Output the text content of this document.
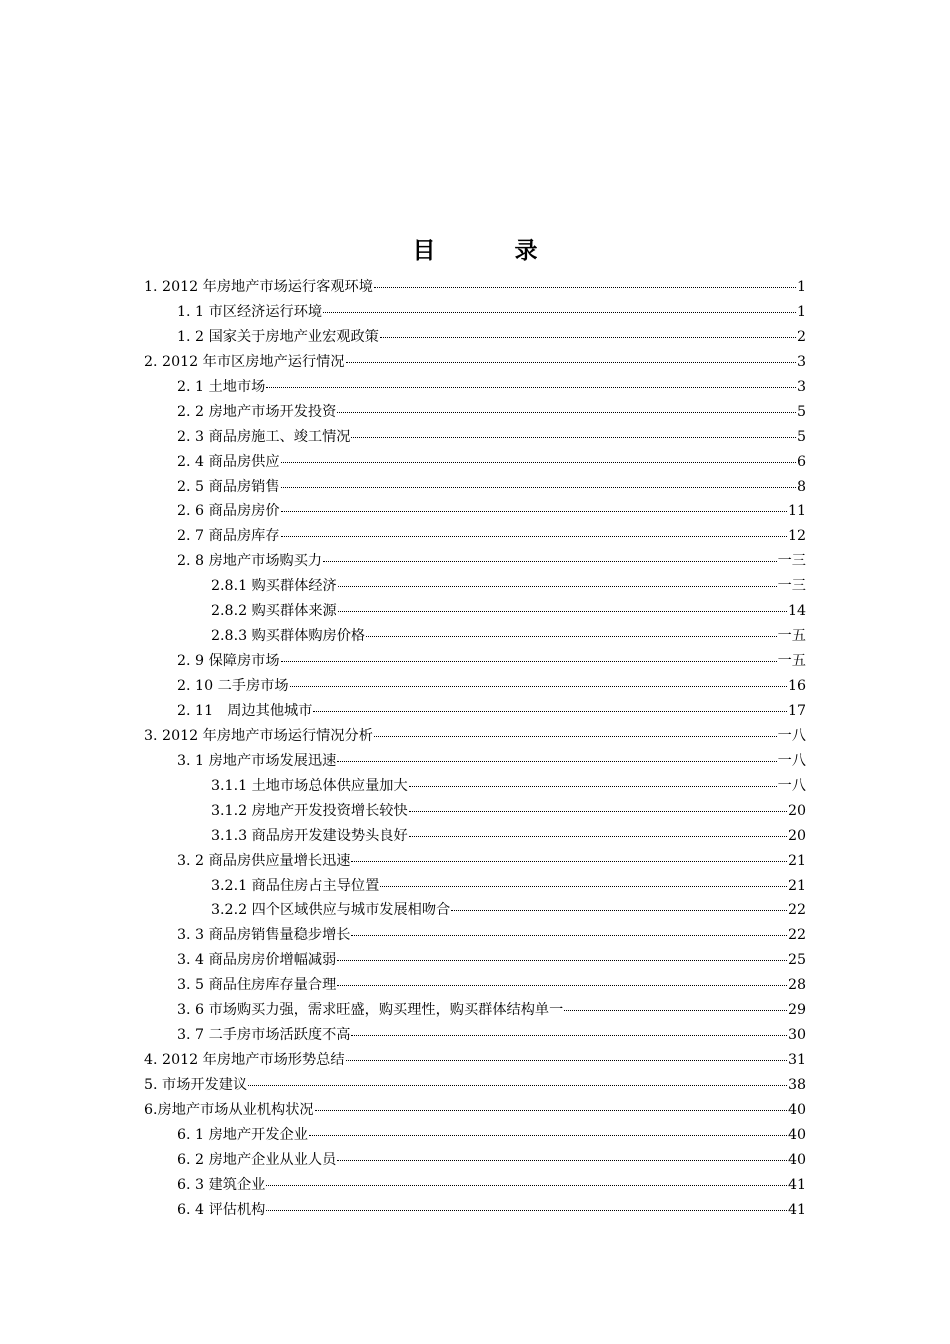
目　录
1. 2012 年房地产市场运行客观环境	1
1. 1 市区经济运行环境	1
1. 2 国家关于房地产业宏观政策	2
2. 2012 年市区房地产运行情况	3
2. 1 土地市场	3
2. 2 房地产市场开发投资	5
2. 3 商品房施工、竣工情况	5
2. 4 商品房供应	6
2. 5 商品房销售	8
2. 6 商品房房价	11
2. 7 商品房库存	12
2. 8 房地产市场购买力	一三
2.8.1 购买群体经济	一三
2.8.2 购买群体来源	14
2.8.3 购买群体购房价格	一五
2. 9 保障房市场	一五
2. 10 二手房市场	16
2. 11　周边其他城市	17
3. 2012 年房地产市场运行情况分析	一八
3. 1 房地产市场发展迅速	一八
3.1.1 土地市场总体供应量加大	一八
3.1.2 房地产开发投资增长较快	20
3.1.3 商品房开发建设势头良好	20
3. 2 商品房供应量增长迅速	21
3.2.1 商品住房占主导位置	21
3.2.2 四个区域供应与城市发展相吻合	22
3. 3 商品房销售量稳步增长	22
3. 4 商品房房价增幅减弱	25
3. 5 商品住房库存量合理	28
3. 6 市场购买力强，需求旺盛，购买理性，购买群体结构单一	29
3. 7 二手房市场活跃度不高	30
4. 2012 年房地产市场形势总结	31
5. 市场开发建议	38
6.房地产市场从业机构状况	40
6. 1 房地产开发企业	40
6. 2 房地产企业从业人员	40
6. 3 建筑企业	41
6. 4 评估机构	41
